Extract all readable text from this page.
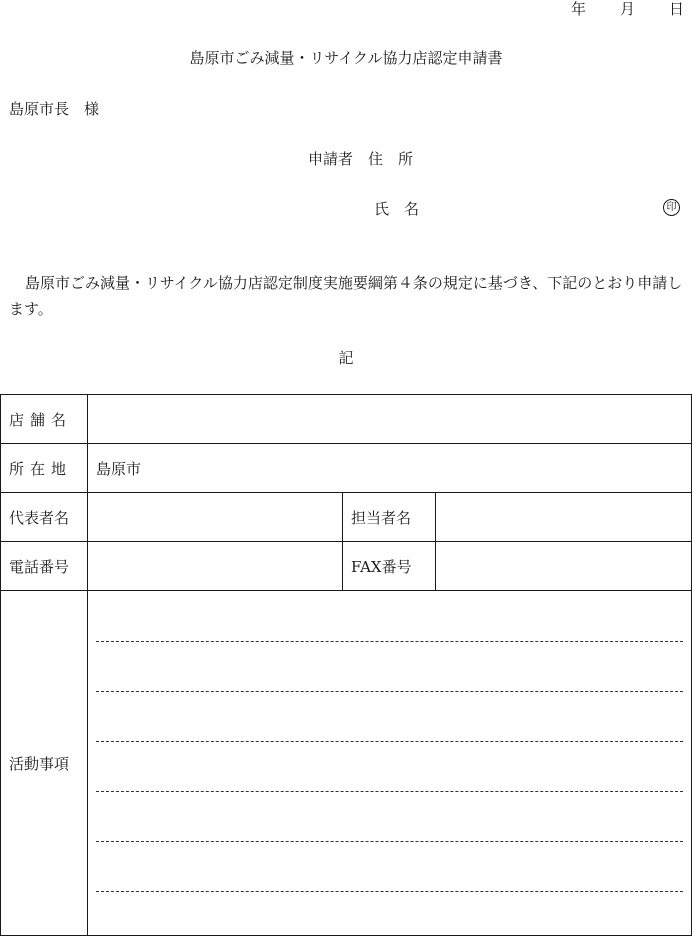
年 月 日
島原市ごみ減量・リサイクル協力店認定申請書
島原市長　様
申請者　住　所
氏　名	印
島原市ごみ減量・リサイクル協力店認定制度実施要綱第４条の規定に基づき、下記のとおり申請します。
記
店舗名			
所在地	島原市		
代表者名		担当者名	
電話番号		FAX番号	
活動事項			
